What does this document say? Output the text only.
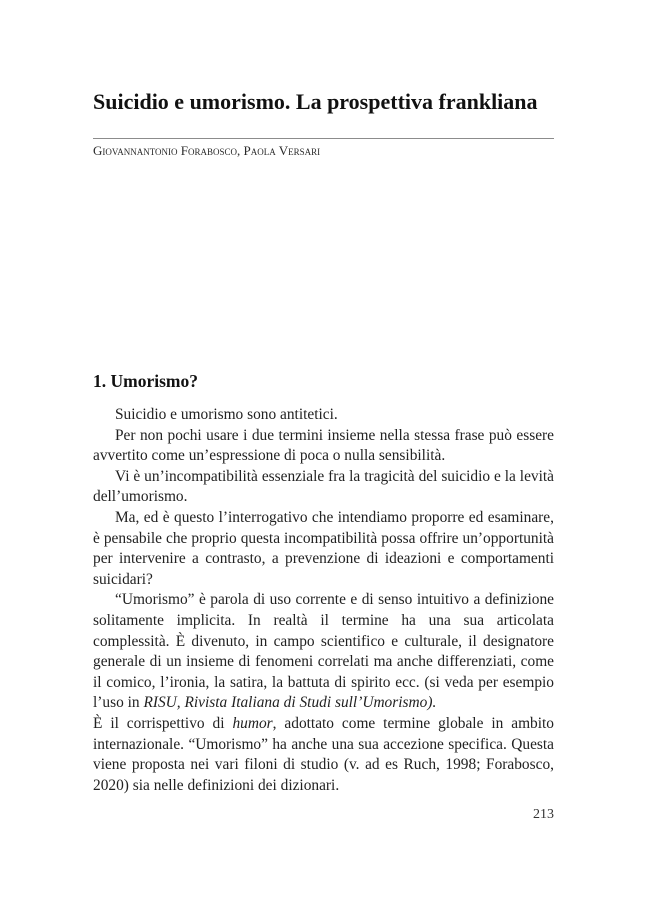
Suicidio e umorismo. La prospettiva frankliana
Giovannantonio Forabosco, Paola Versari
1. Umorismo?

Suicidio e umorismo sono antitetici.

Per non pochi usare i due termini insieme nella stessa frase può essere avvertito come un’espressione di poca o nulla sensibilità.

Vi è un’incompatibilità essenziale fra la tragicità del suicidio e la levità dell’umorismo.

Ma, ed è questo l’interrogativo che intendiamo proporre ed esaminare, è pensabile che proprio questa incompatibilità possa offrire un’opportunità per intervenire a contrasto, a prevenzione di ideazioni e comportamenti suicidari?

“Umorismo” è parola di uso corrente e di senso intuitivo a definizione solitamente implicita. In realtà il termine ha una sua articolata complessità. È divenuto, in campo scientifico e culturale, il designatore generale di un insieme di fenomeni correlati ma anche differenziati, come il comico, l’ironia, la satira, la battuta di spirito ecc. (si veda per esempio l’uso in RISU, Rivista Italiana di Studi sull’Umorismo).

È il corrispettivo di humor, adottato come termine globale in ambito internazionale. “Umorismo” ha anche una sua accezione specifica. Questa viene proposta nei vari filoni di studio (v. ad es Ruch, 1998; Forabosco, 2020) sia nelle definizioni dei dizionari.

213
